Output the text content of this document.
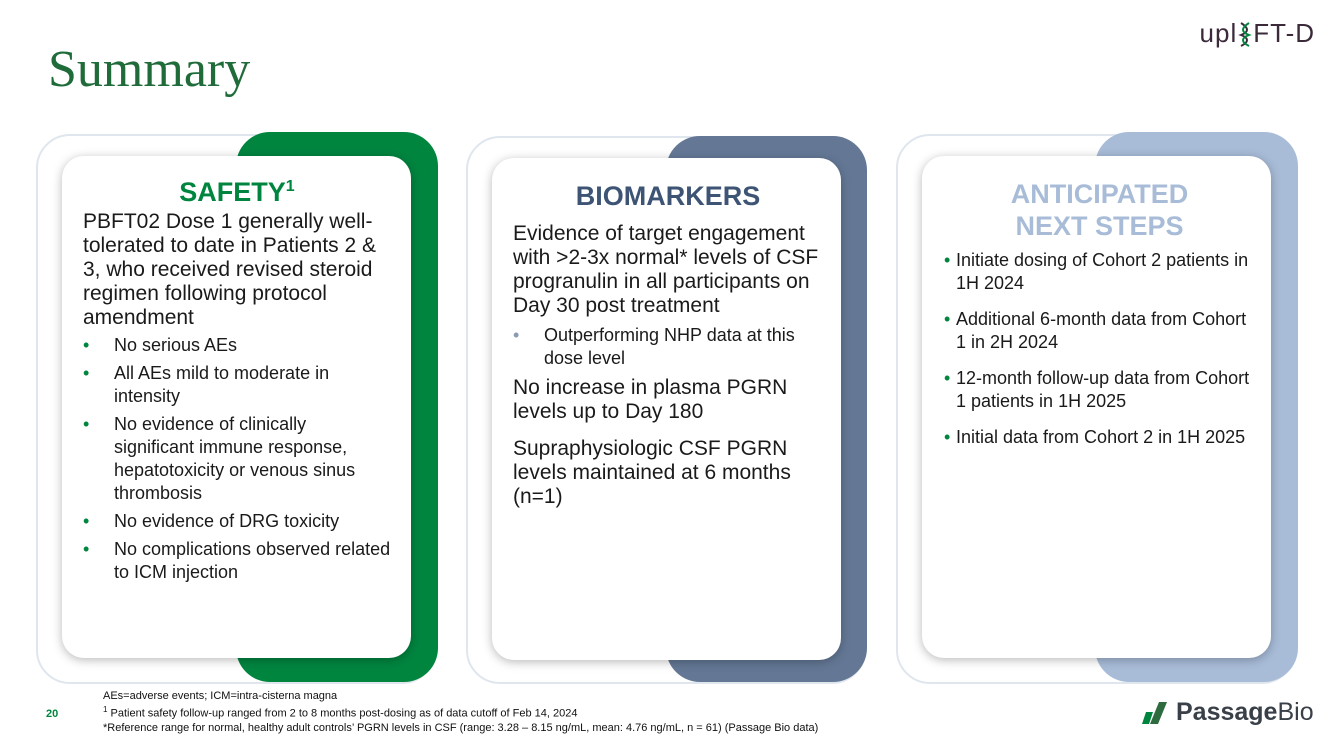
Summary
upl FT-D
SAFETY$^1$

PBFT02 Dose 1 generally well-tolerated to date in Patients 2 & 3, who received revised steroid regimen following protocol amendment

• No serious AEs
• All AEs mild to moderate in intensity
• No evidence of clinically significant immune response, hepatotoxicity or venous sinus thrombosis
• No evidence of DRG toxicity
• No complications observed related to ICM injection
BIOMARKERS

Evidence of target engagement with >2-3x normal* levels of CSF progranulin in all participants on Day 30 post treatment

• Outperforming NHP data at this dose level

No increase in plasma PGRN levels up to Day 180

Supraphysiologic CSF PGRN levels maintained at 6 months (n=1)

ANTICIPATED
NEXT STEPS
• Initiate dosing of Cohort 2 patients in 1H 2024
• Additional 6-month data from Cohort 1 in 2H 2024
• 12-month follow-up data from Cohort 1 patients in 1H 2025
• Initial data from Cohort 2 in 1H 2025
20
AEs=adverse events; ICM=intra-cisterna magna
$^1$ Patient safety follow-up ranged from 2 to 8 months post-dosing as of data cutoff of Feb 14, 2024
*Reference range for normal, healthy adult controls’ PGRN levels in CSF (range: 3.28 – 8.15 ng/mL, mean: 4.76 ng/mL, n = 61) (Passage Bio data)
Passage Bio
